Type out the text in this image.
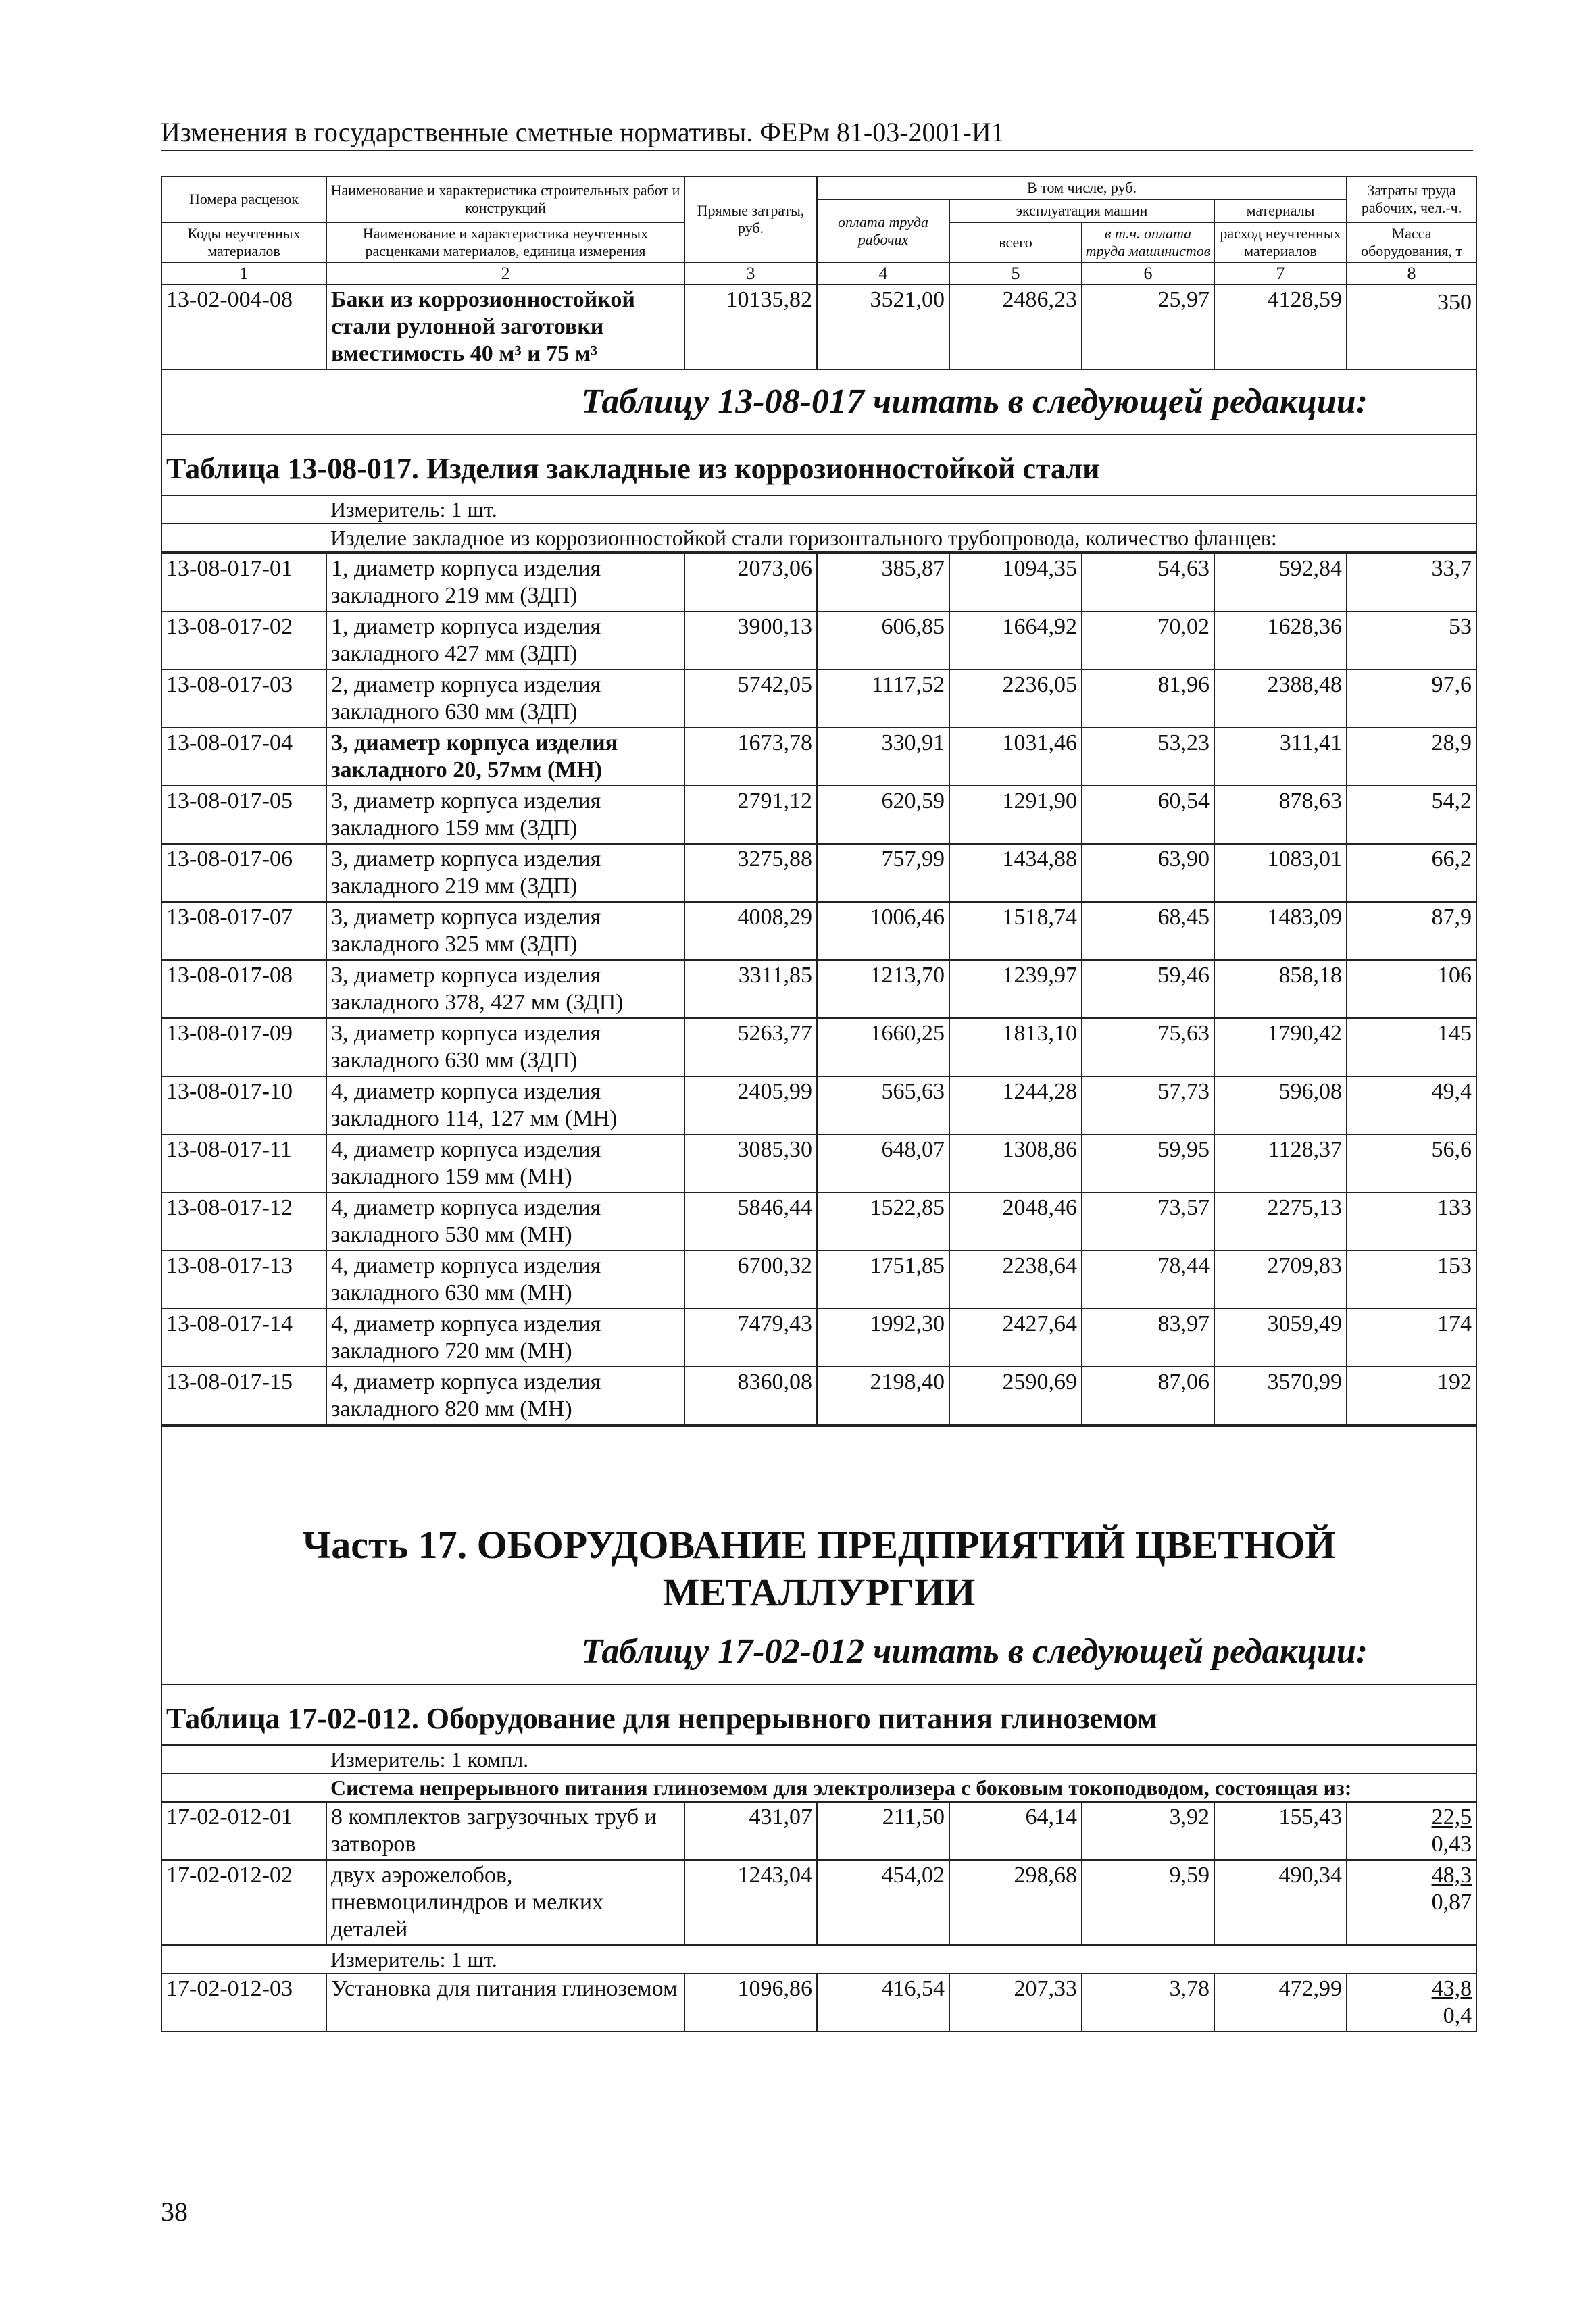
Изменения в государственные сметные нормативы. ФЕРм 81-03-2001-И1
Номера расценок	Наименование и характеристика строительных работ и конструкций	Прямые затраты, руб.	В том числе, руб.				Затраты труда рабочих, чел.-ч.
			оплата труда рабочих	эксплуатация машин		материалы	
Коды неучтенных материалов	Наименование и характеристика неучтенных расценками материалов, единица измерения			всего	в т.ч. оплата труда машинистов	расход неучтенных материалов	
							Масса оборудования, т
1	2	3	4	5	6	7	8
13-02-004-08	Баки из коррозионностойкой стали рулонной заготовки вместимость 40 м³ и 75 м³	10135,82	3521,00	2486,23	25,97	4128,59	350
Таблицу 13-08-017 читать в следующей редакции:							
Таблица 13-08-017. Изделия закладные из коррозионностойкой стали							
	Измеритель: 1 шт.						
	Изделие закладное из коррозионностойкой стали горизонтального трубопровода, количество фланцев:						
13-08-017-01	1, диаметр корпуса изделия закладного 219 мм (ЗДП)	2073,06	385,87	1094,35	54,63	592,84	33,7
13-08-017-02	1, диаметр корпуса изделия закладного 427 мм (ЗДП)	3900,13	606,85	1664,92	70,02	1628,36	53
13-08-017-03	2, диаметр корпуса изделия закладного 630 мм (ЗДП)	5742,05	1117,52	2236,05	81,96	2388,48	97,6
13-08-017-04	3, диаметр корпуса изделия закладного 20, 57мм (МН)	1673,78	330,91	1031,46	53,23	311,41	28,9
13-08-017-05	3, диаметр корпуса изделия закладного 159 мм (ЗДП)	2791,12	620,59	1291,90	60,54	878,63	54,2
13-08-017-06	3, диаметр корпуса изделия закладного 219 мм (ЗДП)	3275,88	757,99	1434,88	63,90	1083,01	66,2
13-08-017-07	3, диаметр корпуса изделия закладного 325 мм (ЗДП)	4008,29	1006,46	1518,74	68,45	1483,09	87,9
13-08-017-08	3, диаметр корпуса изделия закладного 378, 427 мм (ЗДП)	3311,85	1213,70	1239,97	59,46	858,18	106
13-08-017-09	3, диаметр корпуса изделия закладного 630 мм (ЗДП)	5263,77	1660,25	1813,10	75,63	1790,42	145
13-08-017-10	4, диаметр корпуса изделия закладного 114, 127 мм (МН)	2405,99	565,63	1244,28	57,73	596,08	49,4
13-08-017-11	4, диаметр корпуса изделия закладного 159 мм (МН)	3085,30	648,07	1308,86	59,95	1128,37	56,6
13-08-017-12	4, диаметр корпуса изделия закладного 530 мм (МН)	5846,44	1522,85	2048,46	73,57	2275,13	133
13-08-017-13	4, диаметр корпуса изделия закладного 630 мм (МН)	6700,32	1751,85	2238,64	78,44	2709,83	153
13-08-017-14	4, диаметр корпуса изделия закладного 720 мм (МН)	7479,43	1992,30	2427,64	83,97	3059,49	174
13-08-017-15	4, диаметр корпуса изделия закладного 820 мм (МН)	8360,08	2198,40	2590,69	87,06	3570,99	192
Часть 17. ОБОРУДОВАНИЕ ПРЕДПРИЯТИЙ ЦВЕТНОЙ МЕТАЛЛУРГИИ							
Таблицу 17-02-012 читать в следующей редакции:							
Таблица 17-02-012. Оборудование для непрерывного питания глиноземом							
	Измеритель: 1 компл.						
	Система непрерывного питания глиноземом для электролизера с боковым токоподводом, состоящая из:						
17-02-012-01	8 комплектов загрузочных труб и затворов	431,07	211,50	64,14	3,92	155,43	22,5
0,43

17-02-012-02	двух аэрожелобов, пневмоцилиндров и мелких деталей	1243,04	454,02	298,68	9,59	490,34	48,3
0,87

	Измеритель: 1 шт.						
17-02-012-03	Установка для питания глиноземом	1096,86	416,54	207,33	3,78	472,99	43,8
0,4
38
